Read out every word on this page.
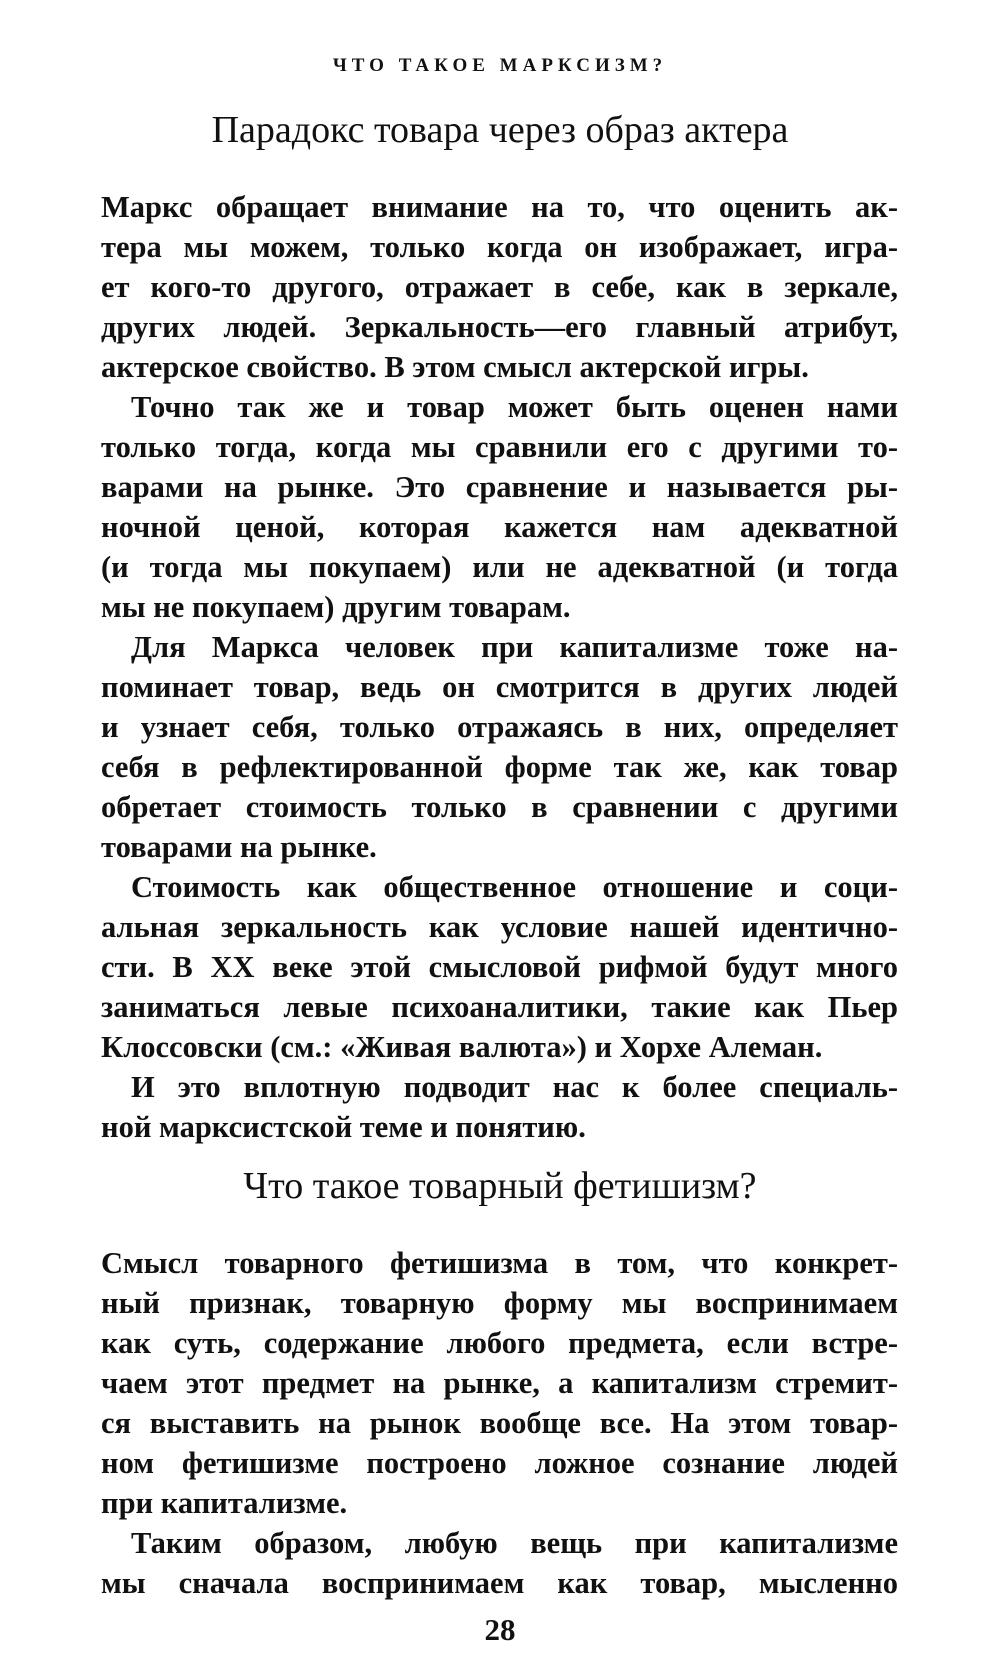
ЧТО ТАКОЕ МАРКСИЗМ?
Парадокс товара через образ актера
Маркс обращает внимание на то, что оценить ак-
тера мы можем, только когда он изображает, игра-
ет кого-то другого, отражает в себе, как в зеркале,
других людей. Зеркальность—его главный атрибут,
актерское свойство. В этом смысл актерской игры.
Точно так же и товар может быть оценен нами
только тогда, когда мы сравнили его с другими то-
варами на рынке. Это сравнение и называется ры-
ночной ценой, которая кажется нам адекватной
(и тогда мы покупаем) или не адекватной (и тогда
мы не покупаем) другим товарам.
Для Маркса человек при капитализме тоже на-
поминает товар, ведь он смотрится в других людей
и узнает себя, только отражаясь в них, определяет
себя в рефлектированной форме так же, как товар
обретает стоимость только в сравнении с другими
товарами на рынке.
Стоимость как общественное отношение и соци-
альная зеркальность как условие нашей идентично-
сти. В XX веке этой смысловой рифмой будут много
заниматься левые психоаналитики, такие как Пьер
Клоссовски (см.: «Живая валюта») и Хорхе Алеман.
И это вплотную подводит нас к более специаль-
ной марксистской теме и понятию.
Что такое товарный фетишизм?
Смысл товарного фетишизма в том, что конкрет-
ный признак, товарную форму мы воспринимаем
как суть, содержание любого предмета, если встре-
чаем этот предмет на рынке, а капитализм стремит-
ся выставить на рынок вообще все. На этом товар-
ном фетишизме построено ложное сознание людей
при капитализме.
Таким образом, любую вещь при капитализме
мы сначала воспринимаем как товар, мысленно
28
